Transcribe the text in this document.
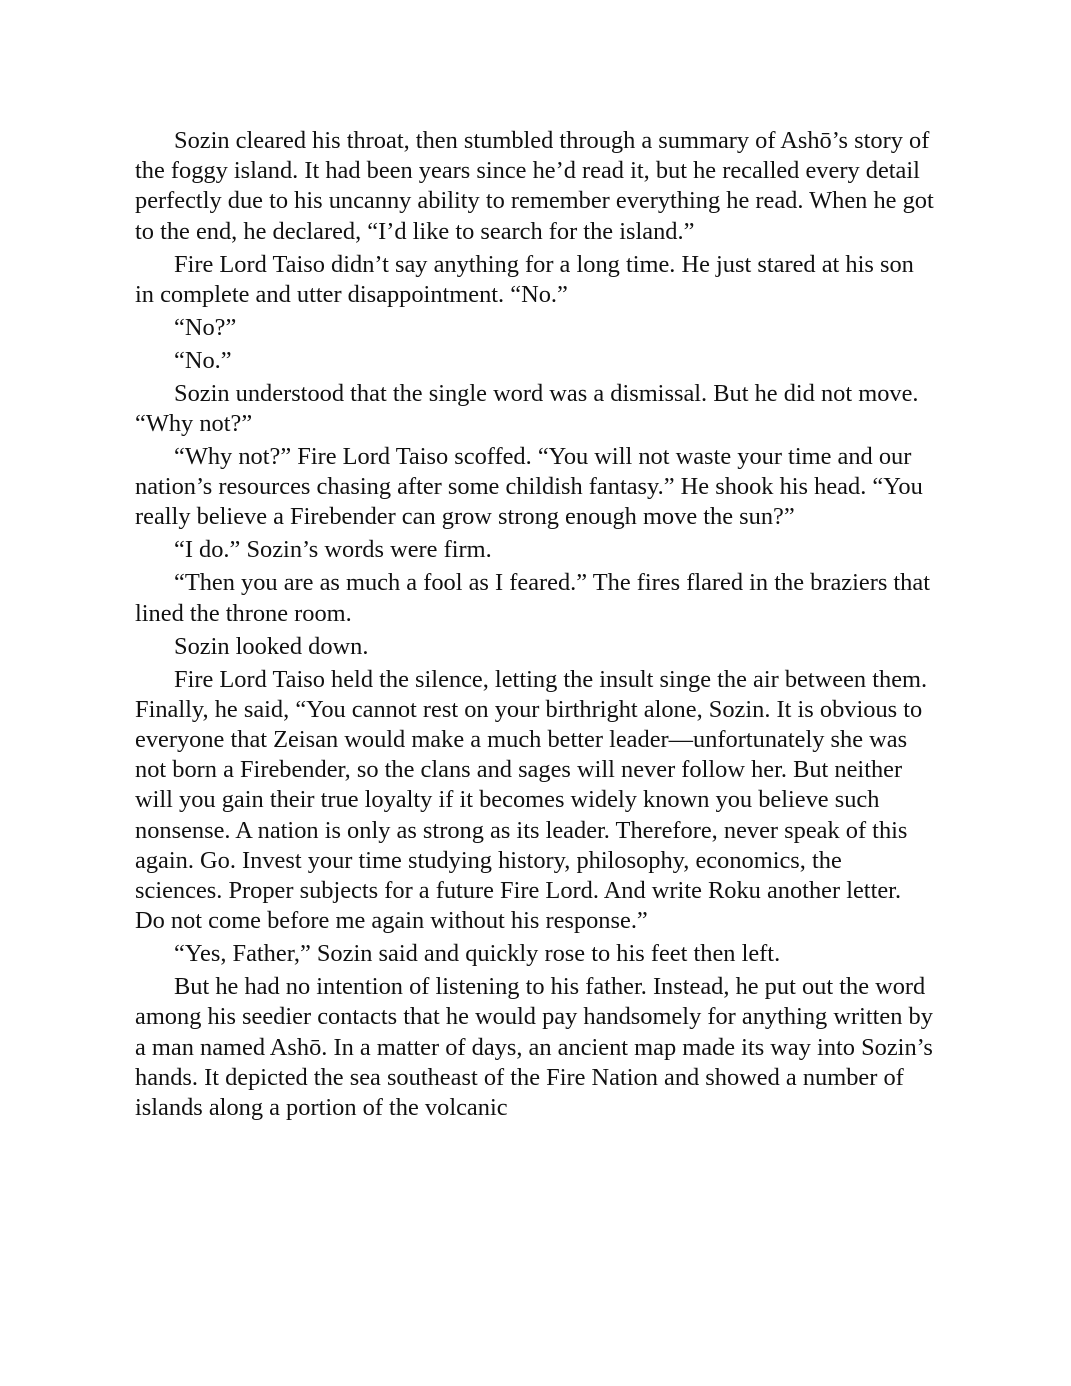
Sozin cleared his throat, then stumbled through a summary of Ashō’s story of the foggy island. It had been years since he’d read it, but he recalled every detail perfectly due to his uncanny ability to remember everything he read. When he got to the end, he declared, “I’d like to search for the island.”

Fire Lord Taiso didn’t say anything for a long time. He just stared at his son in complete and utter disappointment. “No.”

“No?”

“No.”

Sozin understood that the single word was a dismissal. But he did not move. “Why not?”

“Why not?” Fire Lord Taiso scoffed. “You will not waste your time and our nation’s resources chasing after some childish fantasy.” He shook his head. “You really believe a Firebender can grow strong enough move the sun?”

“I do.” Sozin’s words were firm.

“Then you are as much a fool as I feared.” The fires flared in the braziers that lined the throne room.

Sozin looked down.

Fire Lord Taiso held the silence, letting the insult singe the air between them. Finally, he said, “You cannot rest on your birthright alone, Sozin. It is obvious to everyone that Zeisan would make a much better leader—unfortunately she was not born a Firebender, so the clans and sages will never follow her. But neither will you gain their true loyalty if it becomes widely known you believe such nonsense. A nation is only as strong as its leader. Therefore, never speak of this again. Go. Invest your time studying history, philosophy, economics, the sciences. Proper subjects for a future Fire Lord. And write Roku another letter. Do not come before me again without his response.”

“Yes, Father,” Sozin said and quickly rose to his feet then left.

But he had no intention of listening to his father. Instead, he put out the word among his seedier contacts that he would pay handsomely for anything written by a man named Ashō. In a matter of days, an ancient map made its way into Sozin’s hands. It depicted the sea southeast of the Fire Nation and showed a number of islands along a portion of the volcanic
